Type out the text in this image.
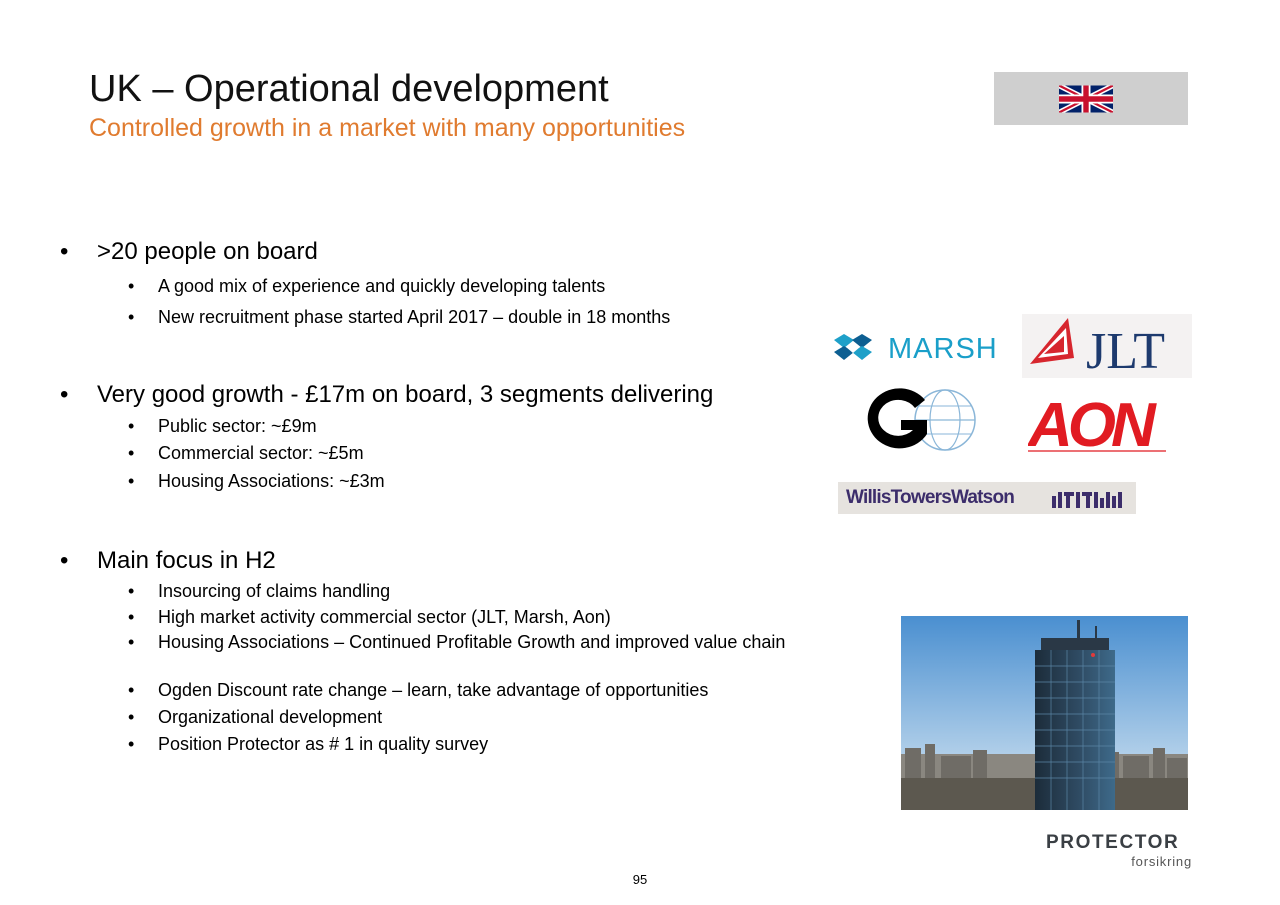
UK – Operational development
Controlled growth in a market with many opportunities
• >20 people on board
• A good mix of experience and quickly developing talents
• New recruitment phase started April 2017 – double in 18 months
• Very good growth - £17m on board, 3 segments delivering
• Public sector: ~£9m
• Commercial sector: ~£5m
• Housing Associations: ~£3m
• Main focus in H2
• Insourcing of claims handling
• High market activity commercial sector (JLT, Marsh, Aon)
• Housing Associations – Continued Profitable Growth and improved value chain
• Ogden Discount rate change – learn, take advantage of opportunities
• Organizational development
• Position Protector as # 1 in quality survey
MARSH JLT
AON
WillisTowersWatson
PROTECTOR
forsikring
95
